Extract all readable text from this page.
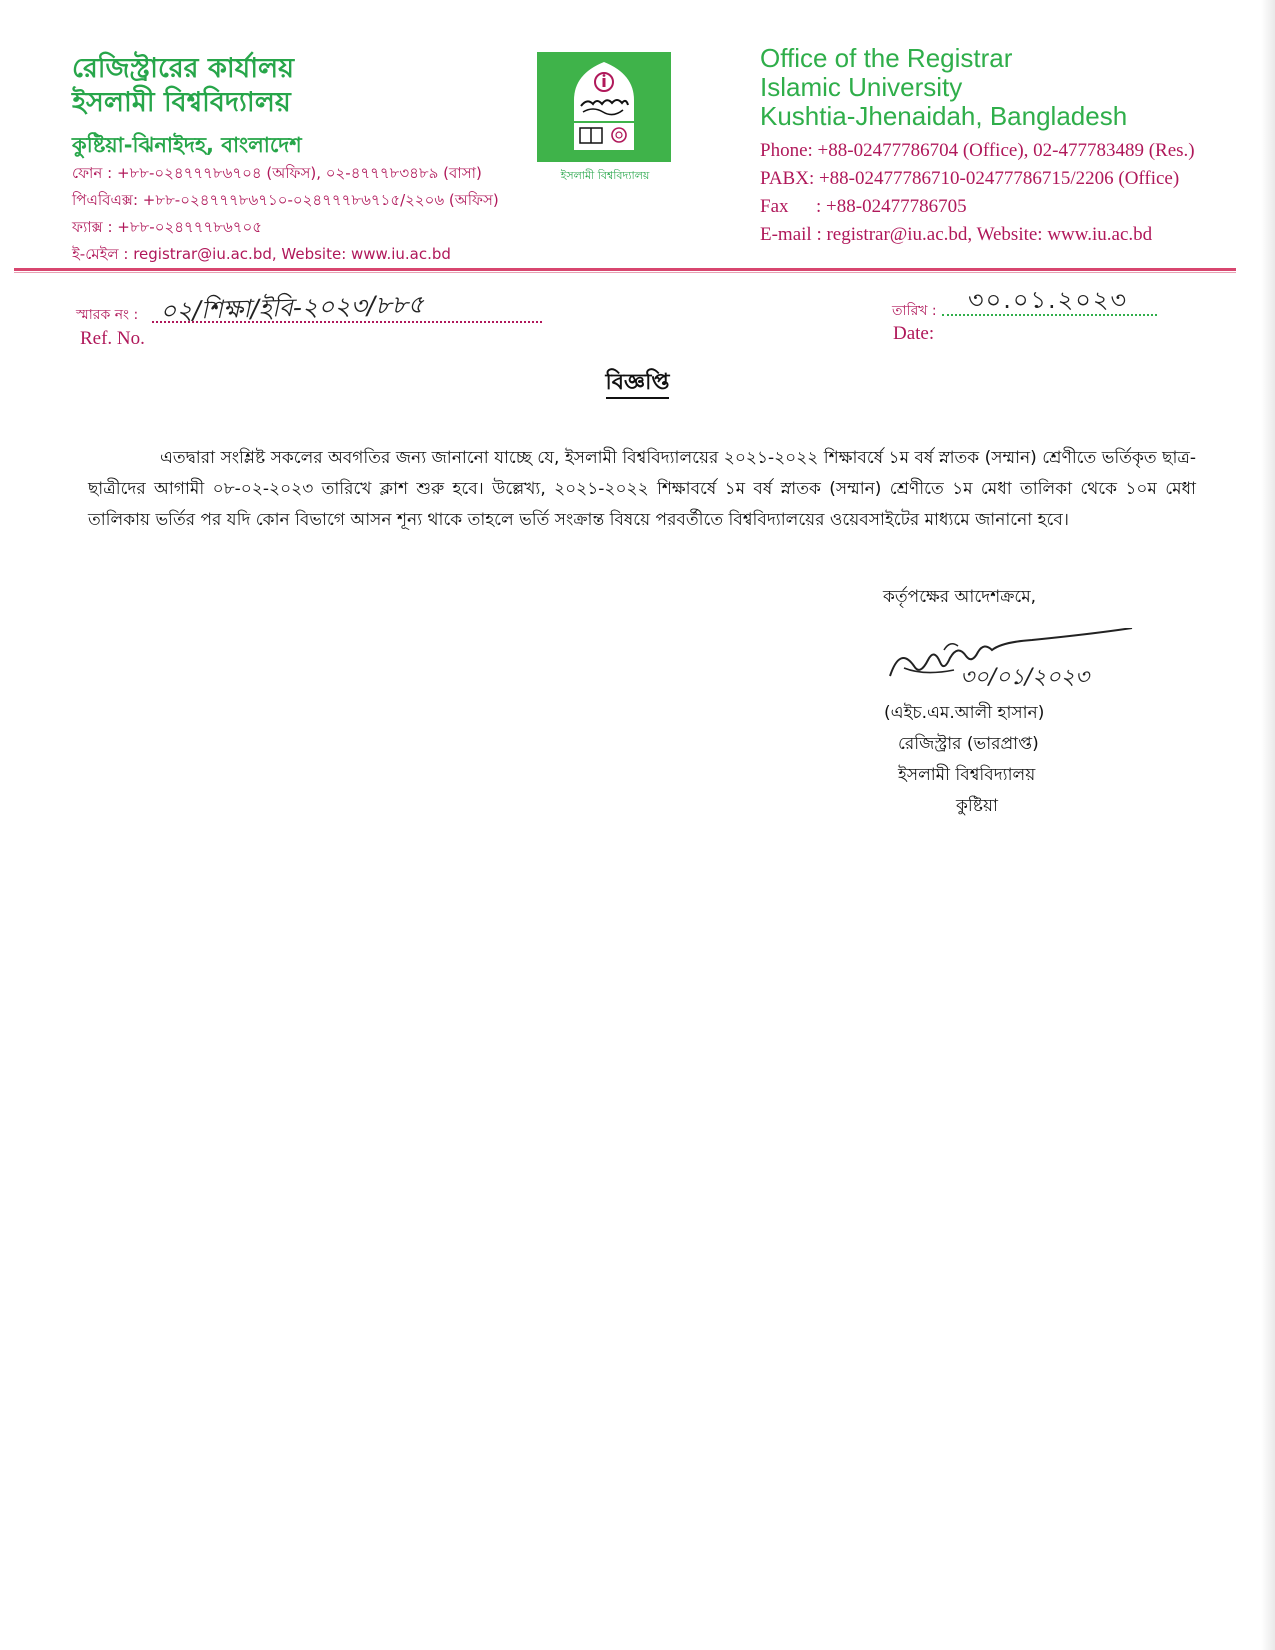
রেজিস্ট্রারের কার্যালয়
ইসলামী বিশ্ববিদ্যালয়
কুষ্টিয়া-ঝিনাইদহ, বাংলাদেশ
ফোন : +৮৮-০২৪৭৭৭৮৬৭০৪ (অফিস), ০২-৪৭৭৭৮৩৪৮৯ (বাসা)
পিএবিএক্স: +৮৮-০২৪৭৭৭৮৬৭১০-০২৪৭৭৭৮৬৭১৫/২২০৬ (অফিস)
ফ্যাক্স : +৮৮-০২৪৭৭৭৮৬৭০৫
ই-মেইল : registrar@iu.ac.bd, Website: www.iu.ac.bd
ইসলামী বিশ্ববিদ্যালয়
Office of the Registrar
Islamic University
Kushtia-Jhenaidah, Bangladesh
Phone: +88-02477786704 (Office), 02-477783489 (Res.)
PABX: +88-02477786710-02477786715/2206 (Office)
Fax : +88-02477786705
E-mail : registrar@iu.ac.bd, Website: www.iu.ac.bd
স্মারক নং : ০২/শিক্ষা/ইবি-২০২৩/৮৮৫
Ref. No.
তারিখ : ৩০.০১.২০২৩
Date:
বিজ্ঞপ্তি
এতদ্বারা সংশ্লিষ্ট সকলের অবগতির জন্য জানানো যাচ্ছে যে, ইসলামী বিশ্ববিদ্যালয়ের ২০২১-২০২২ শিক্ষাবর্ষে ১ম বর্ষ স্নাতক (সম্মান) শ্রেণীতে ভর্তিকৃত ছাত্র-ছাত্রীদের আগামী ০৮-০২-২০২৩ তারিখে ক্লাশ শুরু হবে। উল্লেখ্য, ২০২১-২০২২ শিক্ষাবর্ষে ১ম বর্ষ স্নাতক (সম্মান) শ্রেণীতে ১ম মেধা তালিকা থেকে ১০ম মেধা তালিকায় ভর্তির পর যদি কোন বিভাগে আসন শূন্য থাকে তাহলে ভর্তি সংক্রান্ত বিষয়ে পরবর্তীতে বিশ্ববিদ্যালয়ের ওয়েবসাইটের মাধ্যমে জানানো হবে।
কর্তৃপক্ষের আদেশক্রমে,
৩০/০১/২০২৩
(এইচ.এম.আলী হাসান)
রেজিস্ট্রার (ভারপ্রাপ্ত)
ইসলামী বিশ্ববিদ্যালয়
কুষ্টিয়া
